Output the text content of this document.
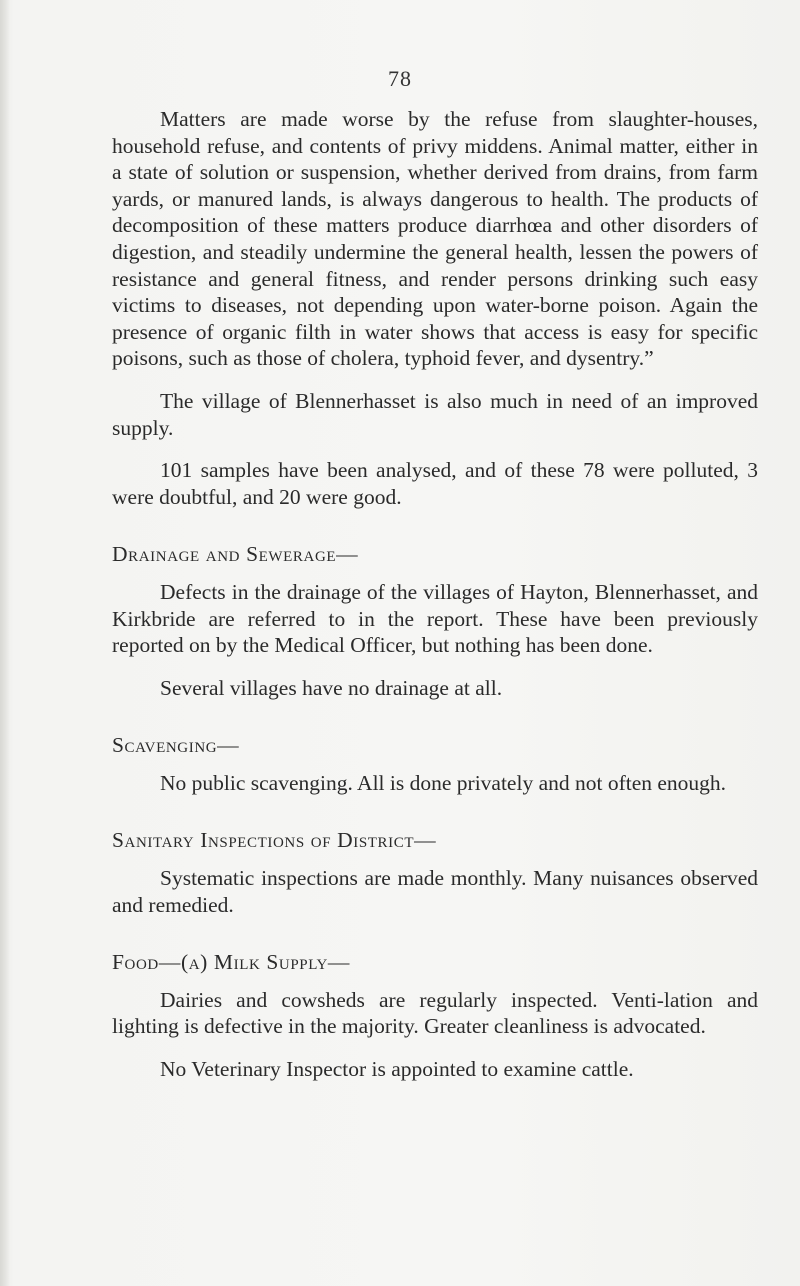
78

Matters are made worse by the refuse from slaughter-houses, household refuse, and contents of privy middens. Animal matter, either in a state of solution or suspension, whether derived from drains, from farm yards, or manured lands, is always dangerous to health. The products of decomposition of these matters produce diarrhœa and other disorders of digestion, and steadily undermine the general health, lessen the powers of resistance and general fitness, and render persons drinking such easy victims to diseases, not depending upon water-borne poison. Again the presence of organic filth in water shows that access is easy for specific poisons, such as those of cholera, typhoid fever, and dysentry.”

The village of Blennerhasset is also much in need of an improved supply.

101 samples have been analysed, and of these 78 were polluted, 3 were doubtful, and 20 were good.

Drainage and Sewerage—

Defects in the drainage of the villages of Hayton, Blennerhasset, and Kirkbride are referred to in the report. These have been previously reported on by the Medical Officer, but nothing has been done.

Several villages have no drainage at all.

Scavenging—

No public scavenging. All is done privately and not often enough.

Sanitary Inspections of District—

Systematic inspections are made monthly. Many nuisances observed and remedied.

Food—(a) Milk Supply—

Dairies and cowsheds are regularly inspected. Venti-lation and lighting is defective in the majority. Greater cleanliness is advocated.

No Veterinary Inspector is appointed to examine cattle.
